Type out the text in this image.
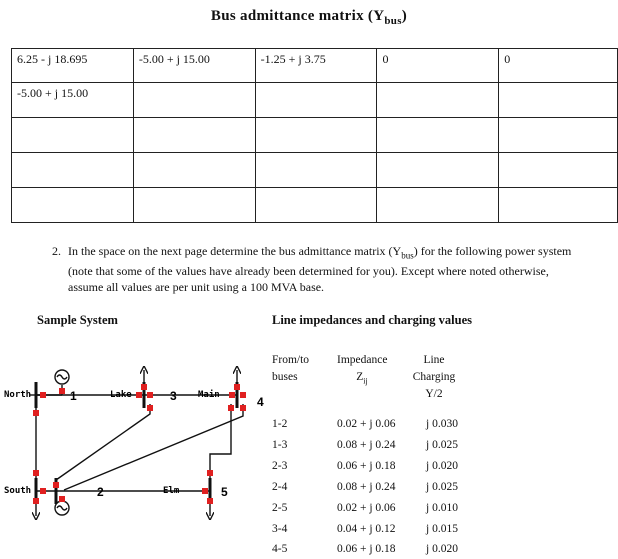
Bus admittance matrix $(Y_{bus})$
6.25 - j 18.695	-5.00 + j 15.00	-1.25 + j 3.75	0	0
-5.00 + j 15.00				

2. In the space on the next page determine the bus admittance matrix $(Y_{bus})$ for the following power system (note that some of the values have already been determined for you). Except where noted otherwise, assume all values are per unit using a 100 MVA base.
Sample System	Line impedances and charging values
From/to
buses
Impedance
$Z_{ij}$
Line Charging
Y/2
1-2	0.02 + j 0.06	j 0.030
1-3	0.08 + j 0.24	j 0.025
2-3	0.06 + j 0.18	j 0.020
2-4	0.08 + j 0.24	j 0.025
2-5	0.02 + j 0.06	j 0.010
3-4	0.04 + j 0.12	j 0.015
4-5	0.06 + j 0.18	j 0.020
North	1	Lake	3 Main	4
South	2	Elm	5
